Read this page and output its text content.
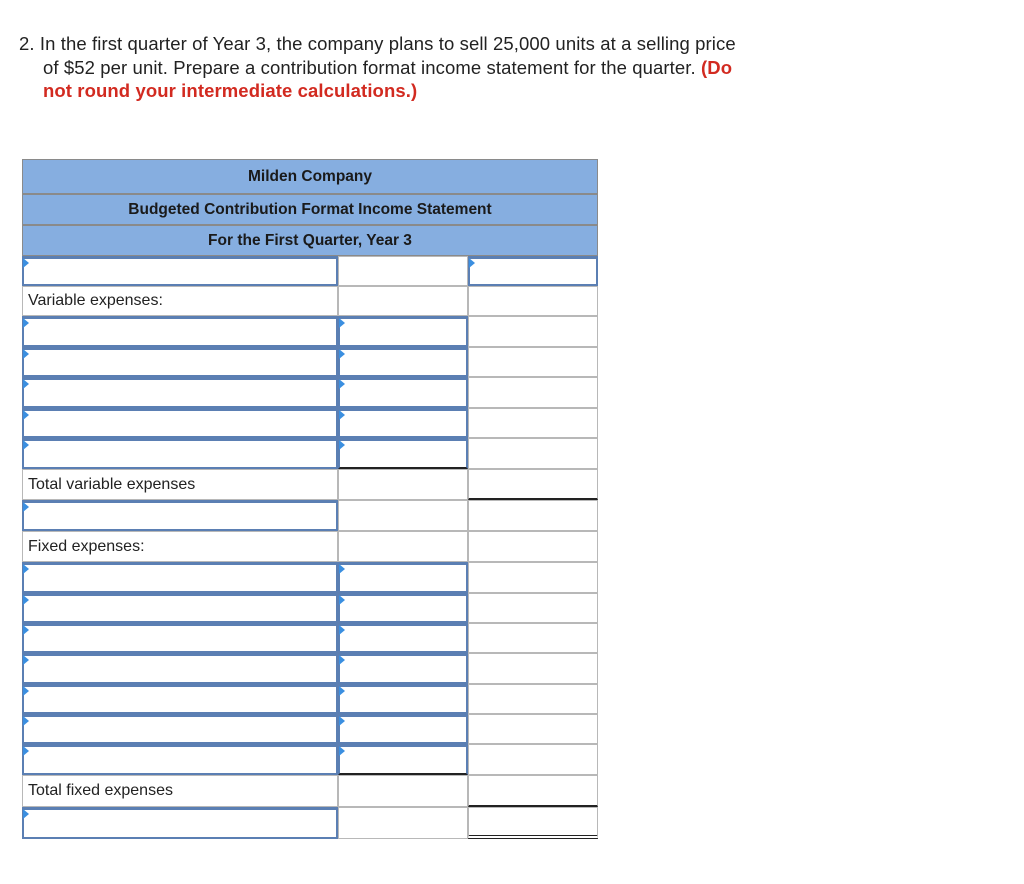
2. In the first quarter of Year 3, the company plans to sell 25,000 units at a selling price
of $52 per unit. Prepare a contribution format income statement for the quarter. (Do
not round your intermediate calculations.)
Milden Company
Budgeted Contribution Format Income Statement
For the First Quarter, Year 3
Variable expenses:
Total variable expenses
Fixed expenses:
Total fixed expenses
